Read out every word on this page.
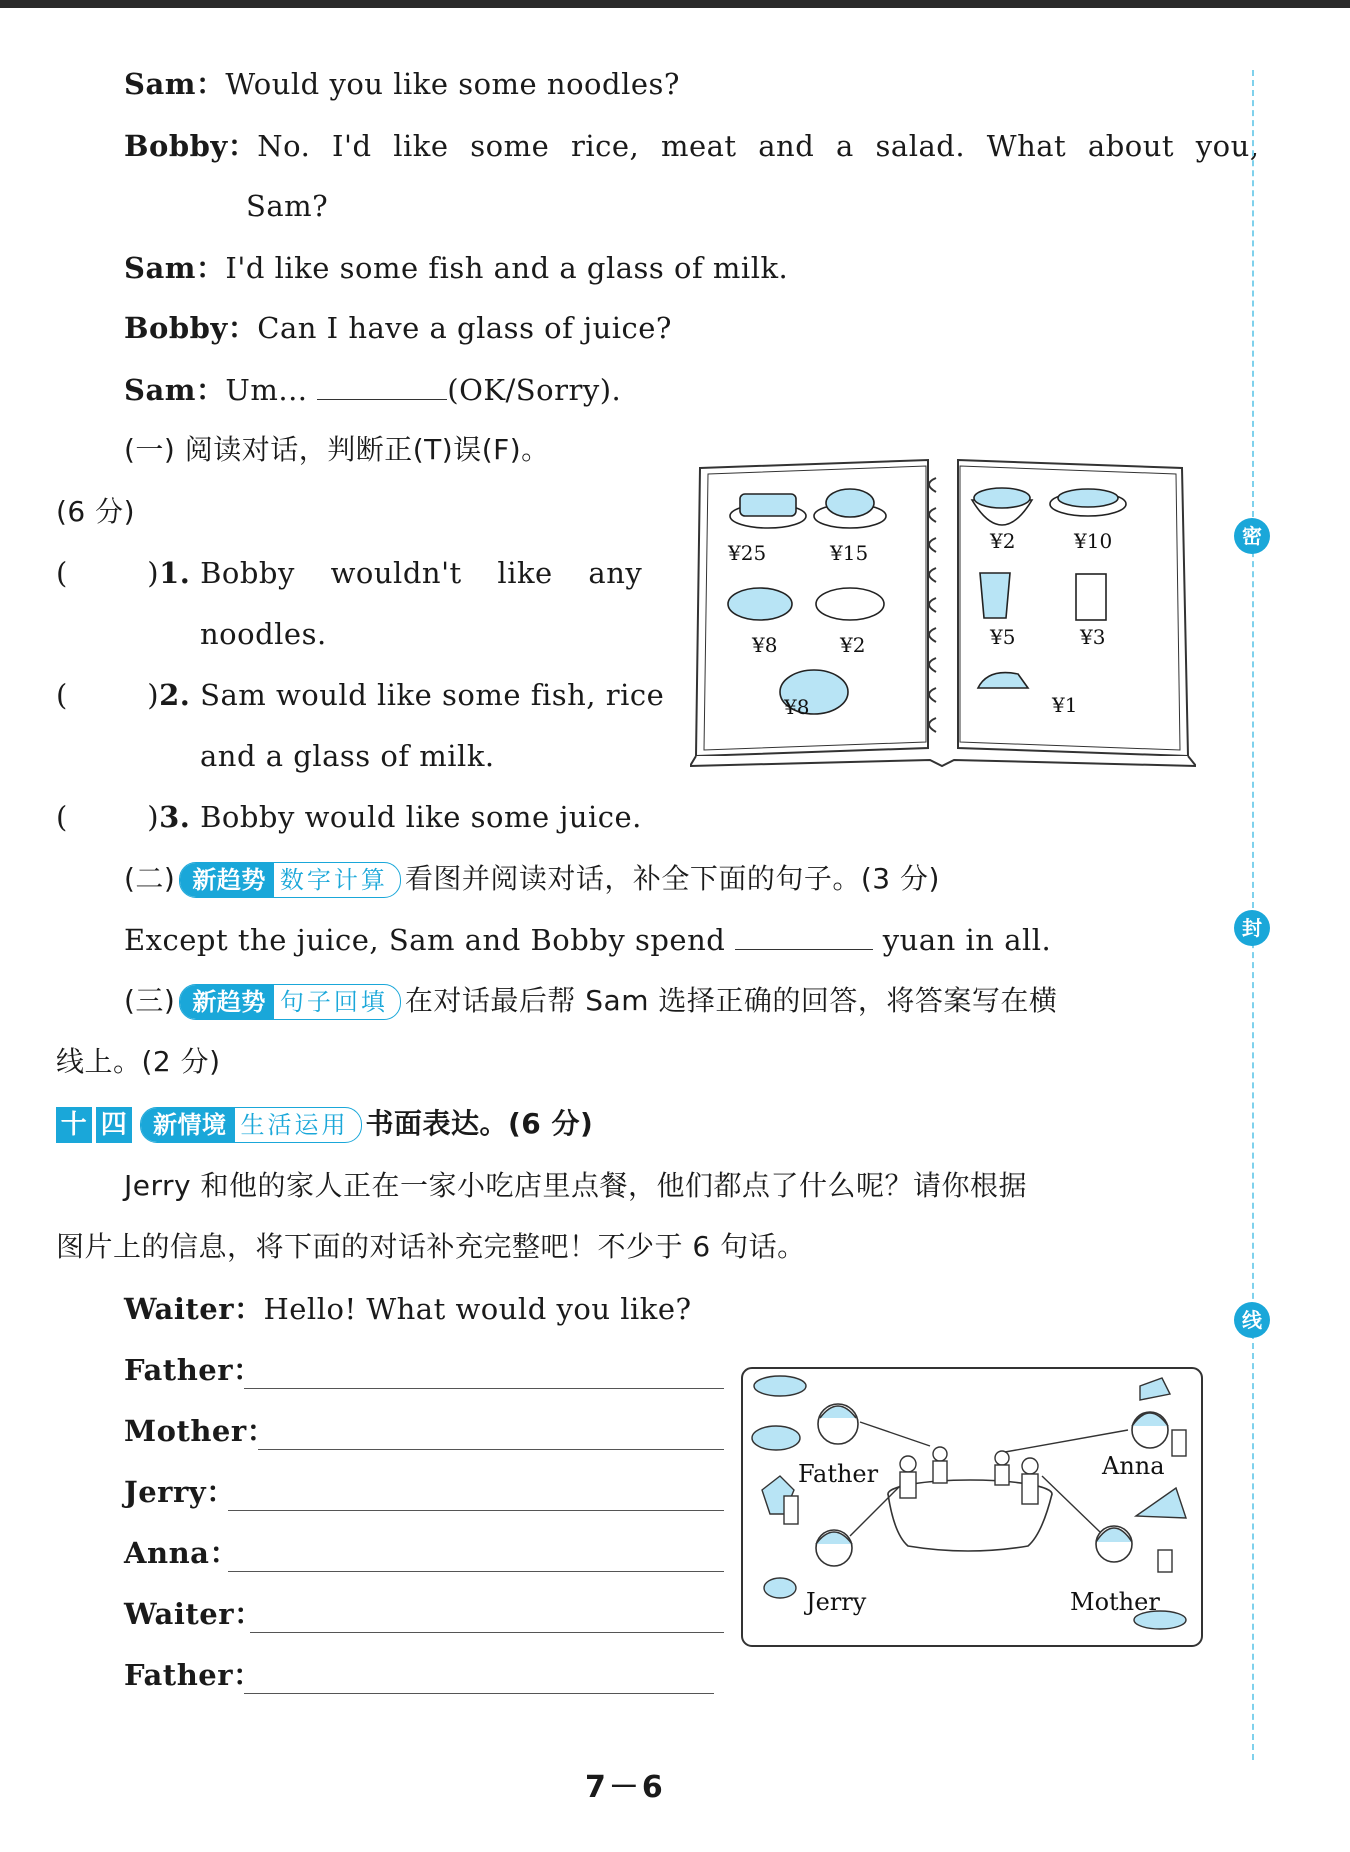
Sam：Would you like some noodles?
Bobby：No. I'd like some rice, meat and a salad. What about you,
Sam?
Sam：I'd like some fish and a glass of milk.
Bobby：Can I have a glass of juice?
Sam：Um...	(OK/Sorry).
(一) 阅读对话，判断正(T)误(F)。
(6 分)
(	)1. Bobby wouldn't like any
noodles.
(	)2. Sam would like some fish, rice
and a glass of milk.
(	)3. Bobby would like some juice.
¥25	¥15
¥8	¥2
¥8
¥2	¥10
¥5	¥3
¥1
(二) 新趋势 数字计算 看图并阅读对话，补全下面的句子。(3 分)
Except the juice, Sam and Bobby spend	yuan in all.
(三) 新趋势 句子回填 在对话最后帮 Sam 选择正确的回答，将答案写在横
线上。(2 分)
十 四 新情境 生活运用 书面表达。(6 分)
Jerry 和他的家人正在一家小吃店里点餐，他们都点了什么呢？请你根据
图片上的信息，将下面的对话补充完整吧！不少于 6 句话。
Waiter：Hello! What would you like?
Father：
Mother：
Jerry：
Anna：
Waiter：
Father：
Father	Anna
Jerry	Mother
密
封
线
7－6
